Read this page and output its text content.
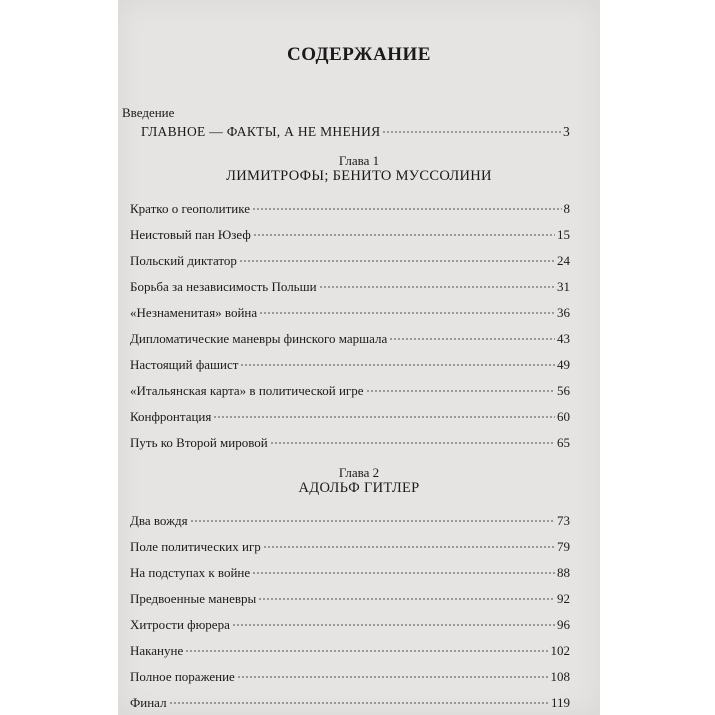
СОДЕРЖАНИЕ
Введение
ГЛАВНОЕ — ФАКТЫ, А НЕ МНЕНИЯ	3
Глава 1
ЛИМИТРОФЫ; БЕНИТО МУССОЛИНИ
Кратко о геополитике	8
Неистовый пан Юзеф	15
Польский диктатор	24
Борьба за независимость Польши	31
«Незнаменитая» война	36
Дипломатические маневры финского маршала	43
Настоящий фашист	49
«Итальянская карта» в политической игре	56
Конфронтация	60
Путь ко Второй мировой	65
Глава 2
АДОЛЬФ ГИТЛЕР
Два вождя	73
Поле политических игр	79
На подступах к войне	88
Предвоенные маневры	92
Хитрости фюрера	96
Накануне	102
Полное поражение	108
Финал	119
